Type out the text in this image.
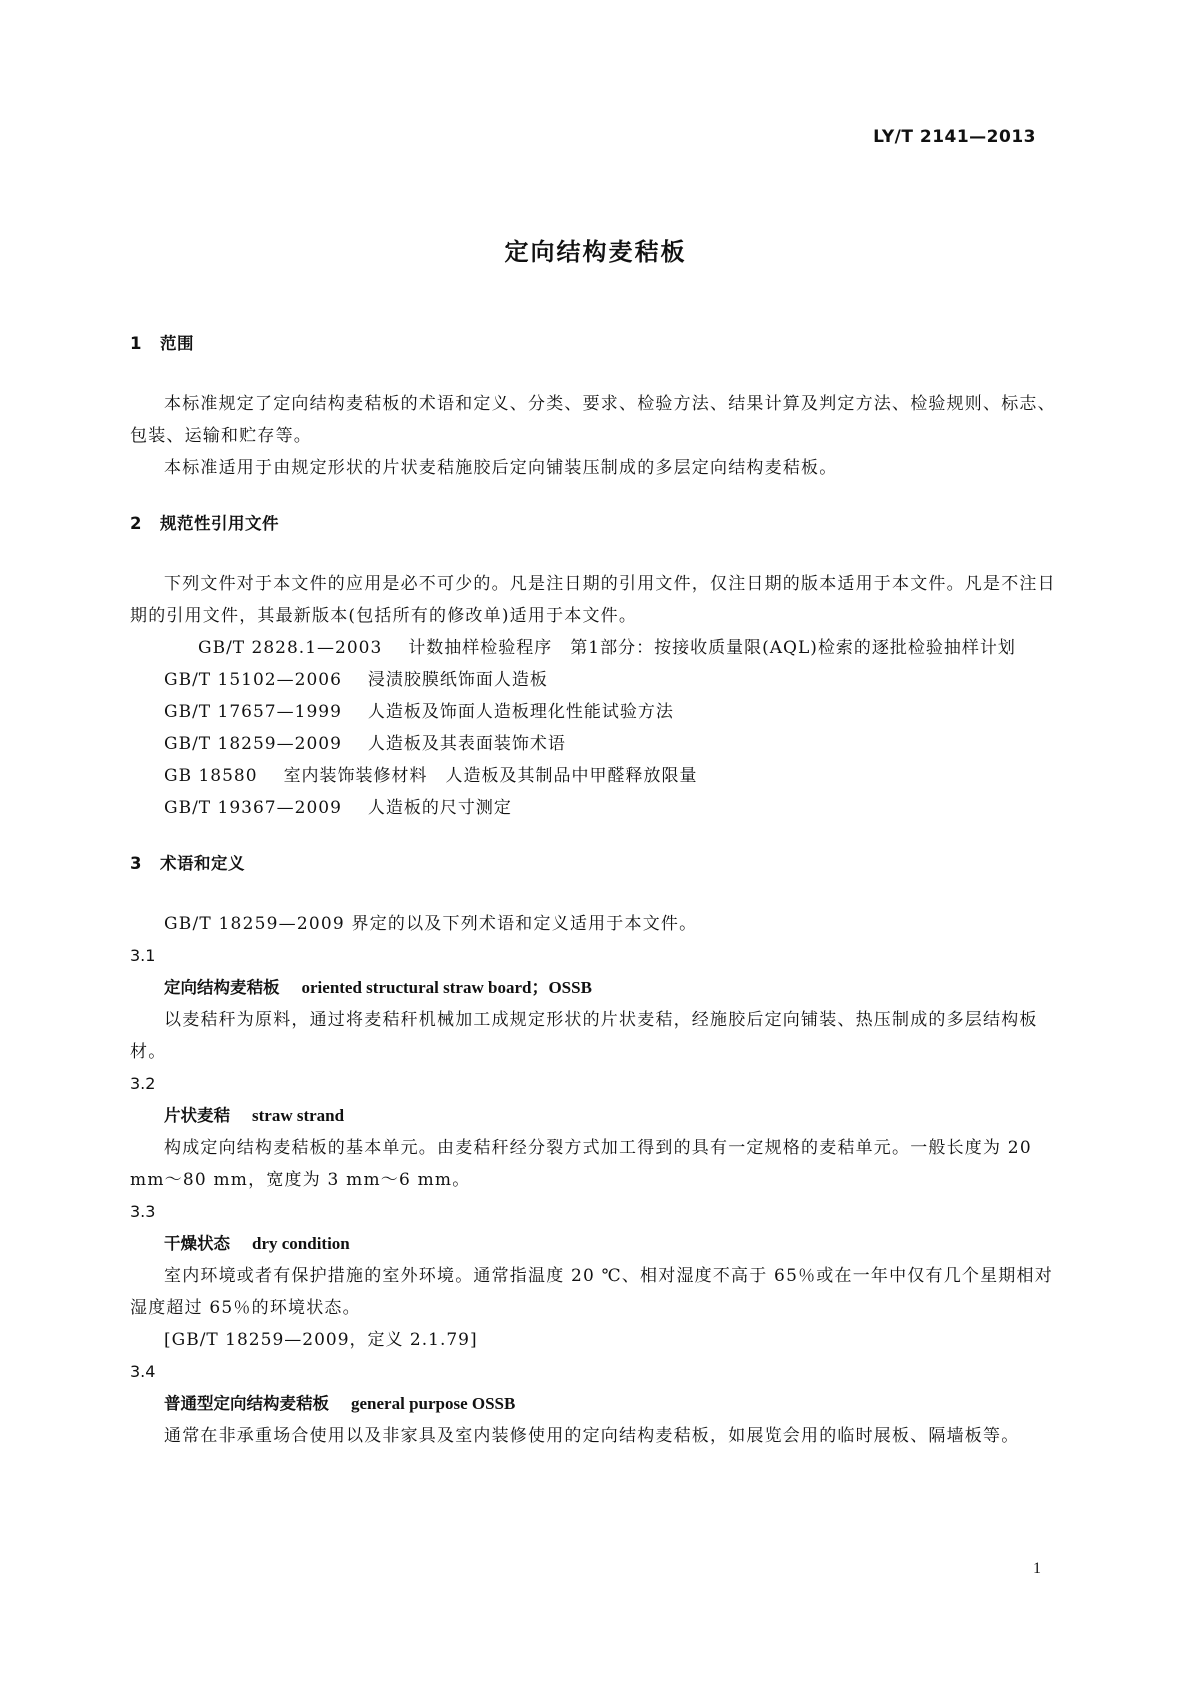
LY/T 2141—2013
定向结构麦秸板
1 范围

本标准规定了定向结构麦秸板的术语和定义、分类、要求、检验方法、结果计算及判定方法、检验规则、标志、包装、运输和贮存等。

本标准适用于由规定形状的片状麦秸施胶后定向铺装压制成的多层定向结构麦秸板。

2 规范性引用文件

下列文件对于本文件的应用是必不可少的。凡是注日期的引用文件，仅注日期的版本适用于本文件。凡是不注日期的引用文件，其最新版本(包括所有的修改单)适用于本文件。

GB/T 2828.1—2003 计数抽样检验程序　第1部分：按接收质量限(AQL)检索的逐批检验抽样计划

GB/T 15102—2006 浸渍胶膜纸饰面人造板

GB/T 17657—1999 人造板及饰面人造板理化性能试验方法

GB/T 18259—2009 人造板及其表面装饰术语

GB 18580 室内装饰装修材料　人造板及其制品中甲醛释放限量

GB/T 19367—2009 人造板的尺寸测定

3 术语和定义

GB/T 18259—2009 界定的以及下列术语和定义适用于本文件。

3.1

定向结构麦秸板 oriented structural straw board；OSSB

以麦秸秆为原料，通过将麦秸秆机械加工成规定形状的片状麦秸，经施胶后定向铺装、热压制成的多层结构板材。

3.2

片状麦秸 straw strand

构成定向结构麦秸板的基本单元。由麦秸秆经分裂方式加工得到的具有一定规格的麦秸单元。一般长度为 20 mm～80 mm，宽度为 3 mm～6 mm。

3.3

干燥状态 dry condition

室内环境或者有保护措施的室外环境。通常指温度 20 ℃、相对湿度不高于 65％或在一年中仅有几个星期相对湿度超过 65％的环境状态。

[GB/T 18259—2009，定义 2.1.79]

3.4

普通型定向结构麦秸板 general purpose OSSB

通常在非承重场合使用以及非家具及室内装修使用的定向结构麦秸板，如展览会用的临时展板、隔墙板等。

1
